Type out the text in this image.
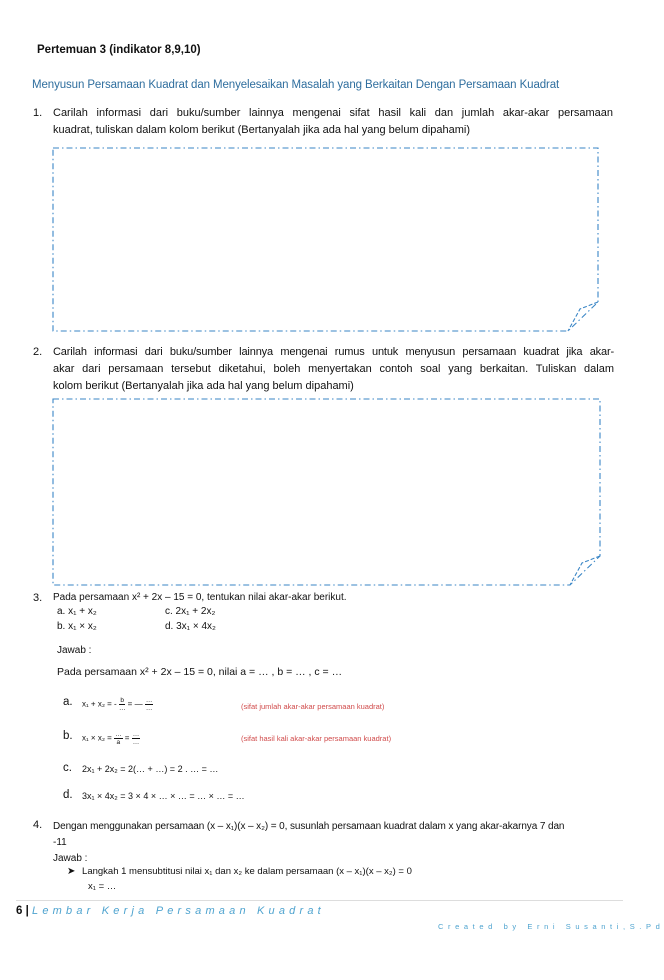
Pertemuan 3 (indikator 8,9,10)
Menyusun Persamaan Kuadrat dan Menyelesaikan Masalah yang Berkaitan Dengan Persamaan Kuadrat
1. Carilah informasi dari buku/sumber lainnya mengenai sifat hasil kali dan jumlah akar-akar persamaan
kuadrat, tuliskan dalam kolom berikut (Bertanyalah jika ada hal yang belum dipahami)
2. Carilah informasi dari buku/sumber lainnya mengenai rumus untuk menyusun persamaan kuadrat jika akar-
akar dari persamaan tersebut diketahui, boleh menyertakan contoh soal yang berkaitan. Tuliskan dalam
kolom berikut (Bertanyalah jika ada hal yang belum dipahami)
3. Pada persamaan x² + 2x – 15 = 0, tentukan nilai akar-akar berikut.
a. x₁ + x₂	c. 2x₁ + 2x₂
b. x₁ × x₂	d. 3x₁ × 4x₂
Jawab :
Pada persamaan x² + 2x – 15 = 0, nilai a = … , b = … , c = …
a. x₁ + x₂ = - $\frac{b}{\dots}$ = — $\frac{\dots}{\dots}$	(sifat jumlah akar-akar persamaan kuadrat)
b. $x_1 \times x_2 = \frac{\dots}{a} = \frac{\dots}{\dots}$	(sifat hasil kali akar-akar persamaan kuadrat)
c. 2x₁ + 2x₂ = 2(… + …) = 2 . … = …
d. 3x₁ × 4x₂ = 3 × 4 × … × … = … × … = …
4. Dengan menggunakan persamaan (x – x₁)(x – x₂) = 0, susunlah persamaan kuadrat dalam x yang akar-akarnya 7 dan
-11
Jawab :
➤ Langkah 1 mensubtitusi nilai x₁ dan x₂ ke dalam persamaan (x – x₁)(x – x₂) = 0
x₁ = …
6 | Lembar Kerja Persamaan Kuadrat
Created by Erni Susanti,S.Pd
